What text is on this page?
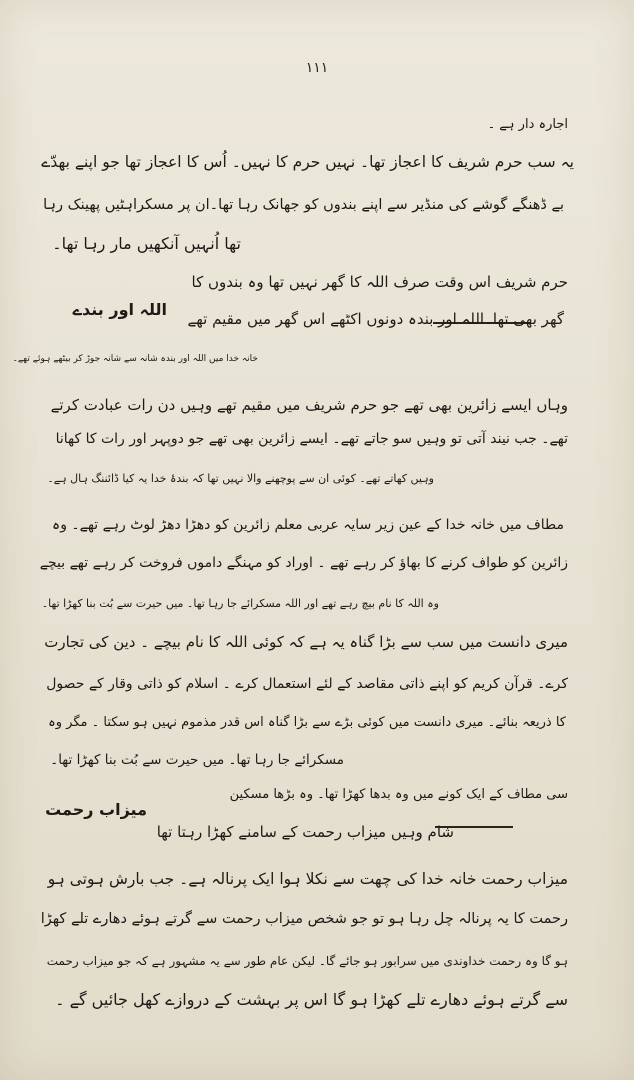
۱۱۱
اجارہ دار ہے ۔
یہ سب حرم شریف کا اعجاز تھا۔ نہیں حرم کا نہیں۔ اُس کا اعجاز تھا جو اپنے بھدّے
بے ڈھنگے گوشے کی منڈیر سے اپنے بندوں کو جھانک رہا تھا۔ان پر مسکراہٹیں پھینک رہا
تھا اُنہیں آنکھیں مار رہا تھا۔
حرم شریف اس وقت صرف اللہ کا گھر نہیں تھا وہ بندوں کا
اللہ اور بندے گھر بھی تھا۔اللہ اور بندہ دونوں اکٹھے اس گھر میں مقیم تھے
خانہ خدا میں اللہ اور بندہ شانہ سے شانہ جوڑ کر بیٹھے ہوئے تھے۔
وہاں ایسے زائرین بھی تھے جو حرم شریف میں مقیم تھے وہیں دن رات عبادت کرتے
تھے۔ جب نیند آتی تو وہیں سو جاتے تھے۔ ایسے زائرین بھی تھے جو دوپہر اور رات کا کھانا
وہیں کھاتے تھے۔ کوئی ان سے پوچھنے والا نہیں تھا کہ بندۂ خدا یہ کیا ڈائننگ ہال ہے۔
مطاف میں خانہ خدا کے عین زیر سایہ عربی معلم زائرین کو دھڑا دھڑ لوٹ رہے تھے۔ وہ
زائرین کو طواف کرنے کا بھاؤ کر رہے تھے ۔ اوراد کو مہنگے داموں فروخت کر رہے تھے بیچے
وہ اللہ کا نام بیچ رہے تھے اور اللہ مسکرائے جا رہا تھا۔ میں حیرت سے بُت بنا کھڑا تھا۔
میری دانست میں سب سے بڑا گناہ یہ ہے کہ کوئی اللہ کا نام بیچے ۔ دین کی تجارت
کرے۔ قرآن کریم کو اپنے ذاتی مقاصد کے لئے استعمال کرے ۔ اسلام کو ذاتی وقار کے حصول
کا ذریعہ بنائے۔ میری دانست میں کوئی بڑے سے بڑا گناہ اس قدر مذموم نہیں ہو سکتا ۔ مگر وہ
مسکرائے جا رہا تھا۔ میں حیرت سے بُت بنا کھڑا تھا۔
سی مطاف کے ایک کونے میں وہ بدھا کھڑا تھا۔ وہ بڑھا مسکین
میزاب رحمت
شام وہیں میزاب رحمت کے سامنے کھڑا رہتا تھا
میزاب رحمت خانہ خدا کی چھت سے نکلا ہوا ایک پرنالہ ہے۔ جب بارش ہوتی ہو
رحمت کا یہ پرنالہ چل رہا ہو تو جو شخص میزاب رحمت سے گرتے ہوئے دھارے تلے کھڑا
ہو گا وہ رحمت خداوندی میں سرابور ہو جائے گا۔ لیکن عام طور سے یہ مشہور ہے کہ جو میزاب رحمت
سے گرتے ہوئے دھارے تلے کھڑا ہو گا اس پر بہشت کے دروازے کھل جائیں گے ۔
